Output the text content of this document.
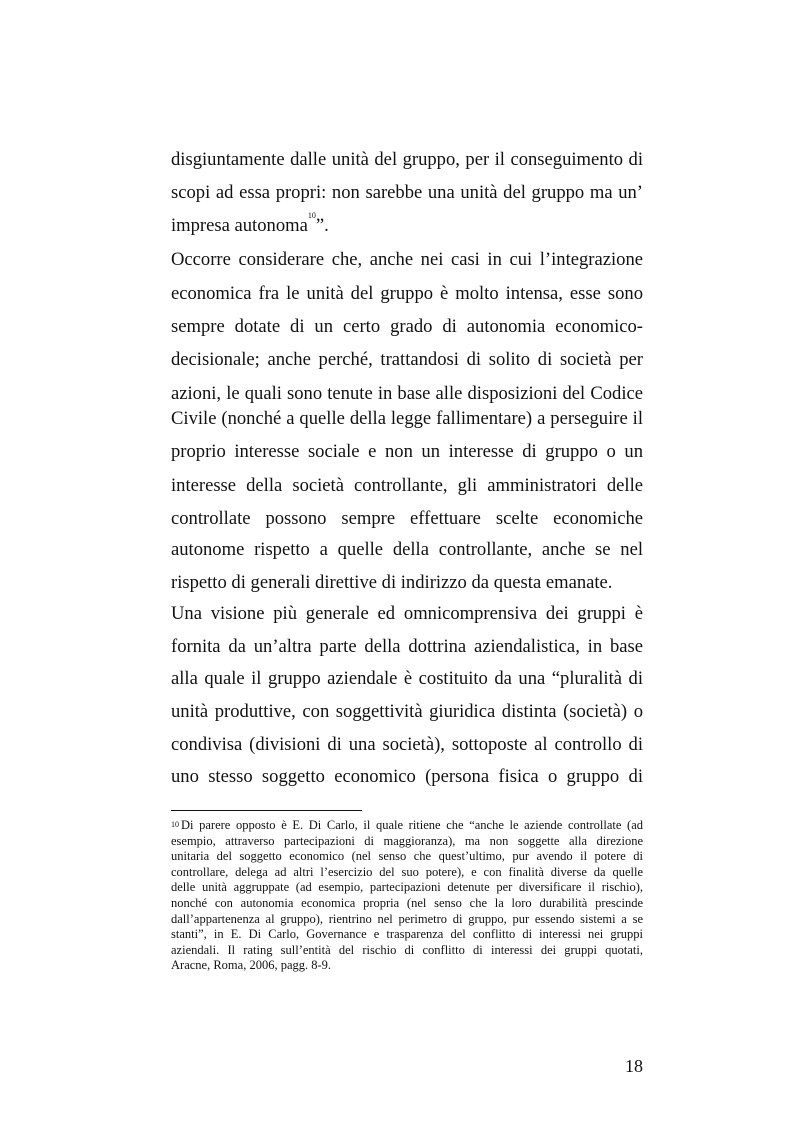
disgiuntamente dalle unità del gruppo, per il conseguimento di
scopi ad essa propri: non sarebbe una unità del gruppo ma un’
impresa autonoma$^{10}$”.
Occorre considerare che, anche nei casi in cui l’integrazione
economica fra le unità del gruppo è molto intensa, esse sono
sempre dotate di un certo grado di autonomia economico-
decisionale; anche perché, trattandosi di solito di società per
azioni, le quali sono tenute in base alle disposizioni del Codice
Civile (nonché a quelle della legge fallimentare) a perseguire il
proprio interesse sociale e non un interesse di gruppo o un
interesse della società controllante, gli amministratori delle
controllate possono sempre effettuare scelte economiche
autonome rispetto a quelle della controllante, anche se nel
rispetto di generali direttive di indirizzo da questa emanate.
Una visione più generale ed omnicomprensiva dei gruppi è
fornita da un’altra parte della dottrina aziendalistica, in base
alla quale il gruppo aziendale è costituito da una “pluralità di
unità produttive, con soggettività giuridica distinta (società) o
condivisa (divisioni di una società), sottoposte al controllo di
uno stesso soggetto economico (persona fisica o gruppo di
$^{10}$ Di parere opposto è E. Di Carlo, il quale ritiene che “anche le aziende controllate (ad
esempio, attraverso partecipazioni di maggioranza), ma non soggette alla direzione
unitaria del soggetto economico (nel senso che quest’ultimo, pur avendo il potere di
controllare, delega ad altri l’esercizio del suo potere), e con finalità diverse da quelle
delle unità aggruppate (ad esempio, partecipazioni detenute per diversificare il rischio),
nonché con autonomia economica propria (nel senso che la loro durabilità prescinde
dall’appartenenza al gruppo), rientrino nel perimetro di gruppo, pur essendo sistemi a se
stanti”, in E. Di Carlo, Governance e trasparenza del conflitto di interessi nei gruppi
aziendali. Il rating sull’entità del rischio di conflitto di interessi dei gruppi quotati,
Aracne, Roma, 2006, pagg. 8-9.
18
